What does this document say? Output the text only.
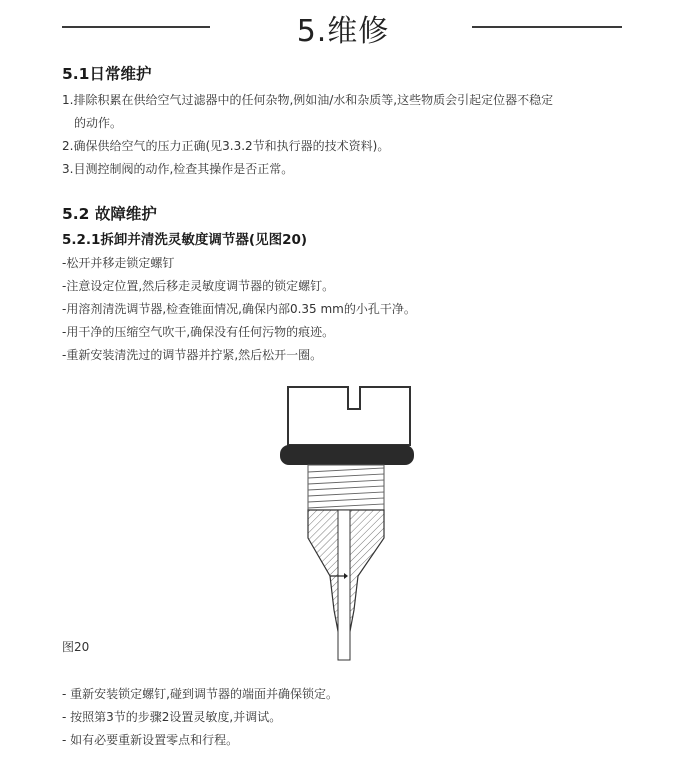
5.维修
5.1日常维护
1.排除积累在供给空气过滤器中的任何杂物,例如油/水和杂质等,这些物质会引起定位器不稳定
的动作。
2.确保供给空气的压力正确(见3.3.2节和执行器的技术资料)。
3.目测控制阀的动作,检查其操作是否正常。
5.2 故障维护
5.2.1拆卸并清洗灵敏度调节器(见图20)
-松开并移走锁定螺钉
-注意设定位置,然后移走灵敏度调节器的锁定螺钉。
-用溶剂清洗调节器,检查锥面情况,确保内部0.35 mm的小孔干净。
-用干净的压缩空气吹干,确保没有任何污物的痕迹。
-重新安装清洗过的调节器并拧紧,然后松开一圈。
图20
- 重新安装锁定螺钉,碰到调节器的端面并确保锁定。
- 按照第3节的步骤2设置灵敏度,并调试。
- 如有必要重新设置零点和行程。
